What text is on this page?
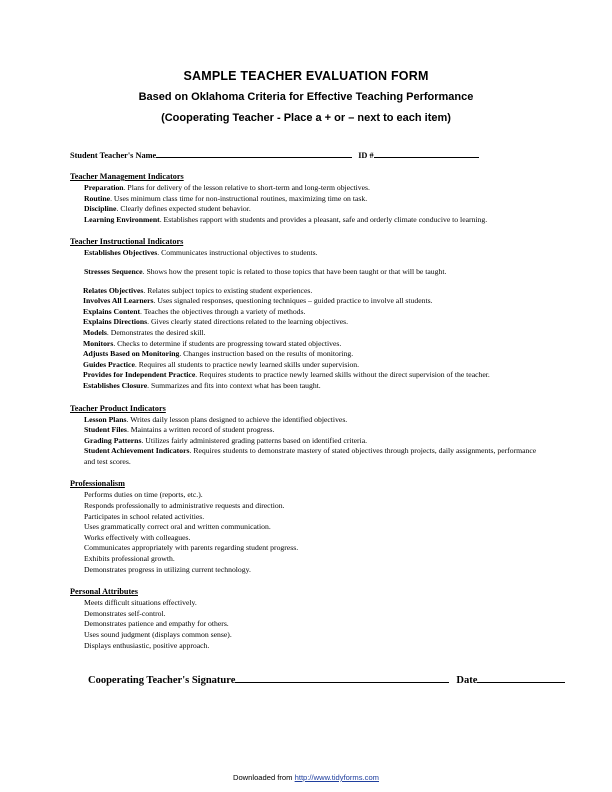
SAMPLE TEACHER EVALUATION FORM
Based on Oklahoma Criteria for Effective Teaching Performance
(Cooperating Teacher - Place a + or – next to each item)
Student Teacher's Name	ID #
Teacher Management Indicators
Preparation. Plans for delivery of the lesson relative to short-term and long-term objectives.
Routine. Uses minimum class time for non-instructional routines, maximizing time on task.
Discipline. Clearly defines expected student behavior.
Learning Environment. Establishes rapport with students and provides a pleasant, safe and orderly climate conducive to learning.
Teacher Instructional Indicators
Establishes Objectives. Communicates instructional objectives to students.
Stresses Sequence. Shows how the present topic is related to those topics that have been taught or that will be taught.
Relates Objectives. Relates subject topics to existing student experiences.
Involves All Learners. Uses signaled responses, questioning techniques – guided practice to involve all students.
Explains Content. Teaches the objectives through a variety of methods.
Explains Directions. Gives clearly stated directions related to the learning objectives.
Models. Demonstrates the desired skill.
Monitors. Checks to determine if students are progressing toward stated objectives.
Adjusts Based on Monitoring. Changes instruction based on the results of monitoring.
Guides Practice. Requires all students to practice newly learned skills under supervision.
Provides for Independent Practice. Requires students to practice newly learned skills without the direct supervision of the teacher.
Establishes Closure. Summarizes and fits into context what has been taught.
Teacher Product Indicators
Lesson Plans. Writes daily lesson plans designed to achieve the identified objectives.
Student Files. Maintains a written record of student progress.
Grading Patterns. Utilizes fairly administered grading patterns based on identified criteria.
Student Achievement Indicators. Requires students to demonstrate mastery of stated objectives through projects, daily assignments, performance and test scores.
Professionalism
Performs duties on time (reports, etc.).
Responds professionally to administrative requests and direction.
Participates in school related activities.
Uses grammatically correct oral and written communication.
Works effectively with colleagues.
Communicates appropriately with parents regarding student progress.
Exhibits professional growth.
Demonstrates progress in utilizing current technology.
Personal Attributes
Meets difficult situations effectively.
Demonstrates self-control.
Demonstrates patience and empathy for others.
Uses sound judgment (displays common sense).
Displays enthusiastic, positive approach.
Cooperating Teacher's Signature	Date
Downloaded from http://www.tidyforms.com
